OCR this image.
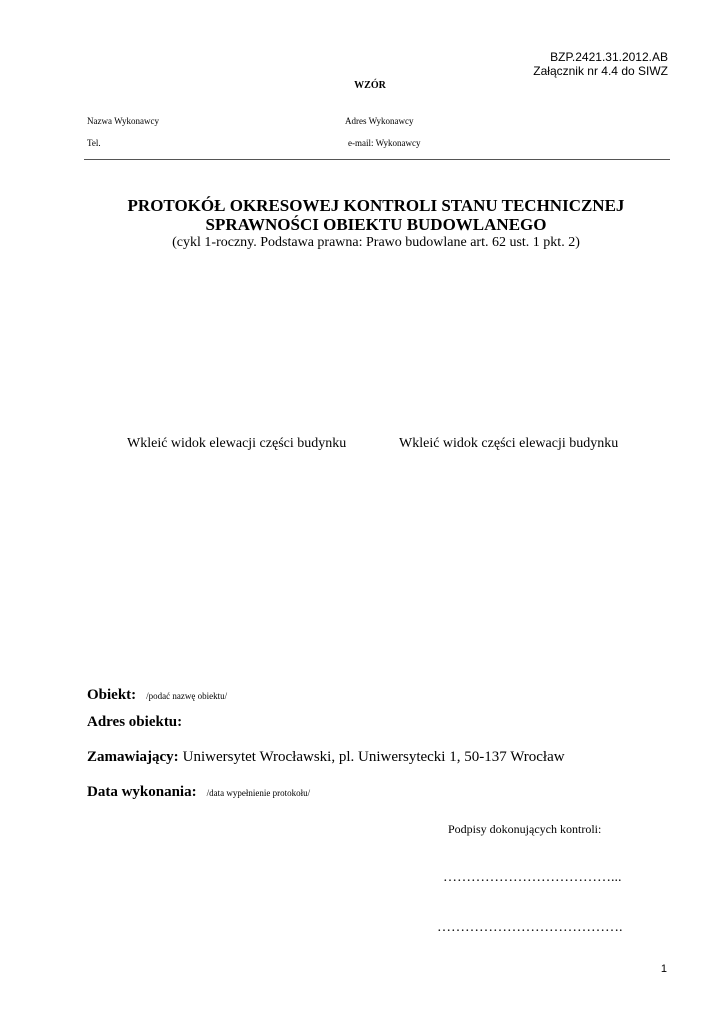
BZP.2421.31.2012.AB
Załącznik nr 4.4 do SIWZ
WZÓR
Nazwa Wykonawcy	Adres Wykonawcy
Tel.	e-mail: Wykonawcy
PROTOKÓŁ OKRESOWEJ KONTROLI STANU TECHNICZNEJ
SPRAWNOŚCI OBIEKTU BUDOWLANEGO
(cykl 1-roczny. Podstawa prawna: Prawo budowlane art. 62 ust. 1 pkt. 2)
Wkleić widok elewacji części budynku	Wkleić widok części elewacji budynku
Obiekt: /podać nazwę obiektu/
Adres obiektu:
Zamawiający: Uniwersytet Wrocławski, pl. Uniwersytecki 1, 50-137 Wrocław
Data wykonania: /data wypełnienie protokołu/
Podpisy dokonujących kontroli:
………………………………...
………………………………….
1
